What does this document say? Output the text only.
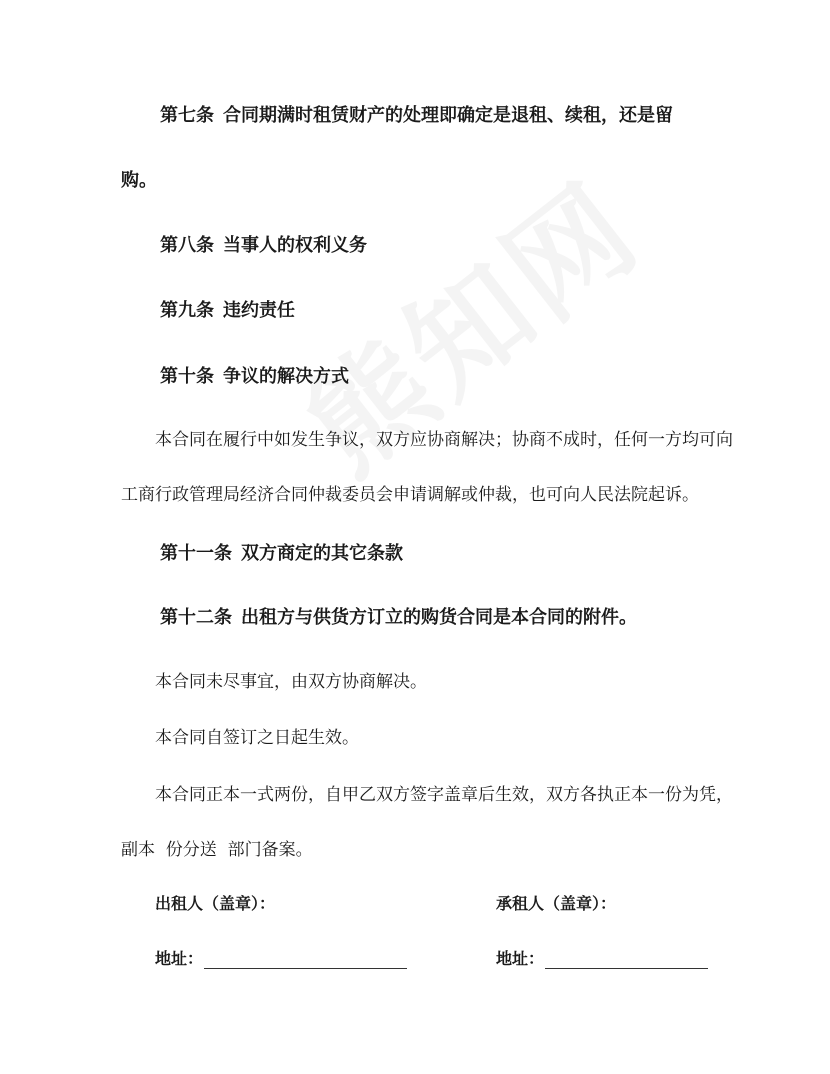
第七条 合同期满时租赁财产的处理即确定是退租、续租，还是留
购。
第八条 当事人的权利义务
第九条 违约责任
第十条 争议的解决方式
本合同在履行中如发生争议，双方应协商解决；协商不成时，任何一方均可向
工商行政管理局经济合同仲裁委员会申请调解或仲裁，也可向人民法院起诉。
第十一条 双方商定的其它条款
第十二条 出租方与供货方订立的购货合同是本合同的附件。
本合同未尽事宜，由双方协商解决。
本合同自签订之日起生效。
本合同正本一式两份，自甲乙双方签字盖章后生效，双方各执正本一份为凭，
副本  份分送  部门备案。
出租人（盖章）：	承租人（盖章）：
地址：	地址：
